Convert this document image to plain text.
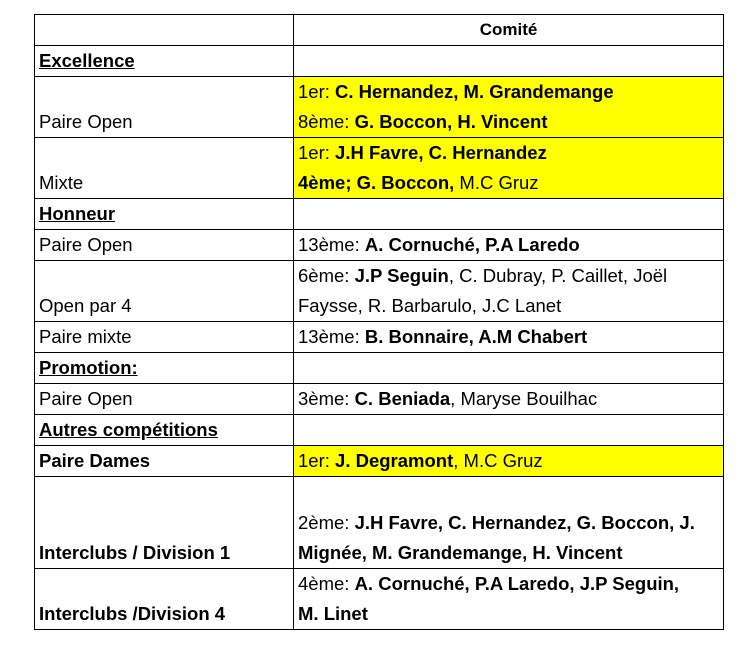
	Comité
Excellence	
Paire Open	1er: C. Hernandez, M. Grandemange
8ème: G. Boccon, H. Vincent

Mixte	1er: J.H Favre, C. Hernandez
4ème; G. Boccon, M.C Gruz

Honneur	
Paire Open	13ème: A. Cornuché, P.A Laredo
Open par 4	6ème: J.P Seguin, C. Dubray, P. Caillet, Joël
Faysse, R. Barbarulo, J.C Lanet

Paire mixte	13ème: B. Bonnaire, A.M Chabert
Promotion:	
Paire Open	3ème: C. Beniada, Maryse Bouilhac
Autres compétitions	
Paire Dames	1er: J. Degramont, M.C Gruz
Interclubs / Division 1	2ème: J.H Favre, C. Hernandez, G. Boccon, J.
Mignée, M. Grandemange, H. Vincent

Interclubs /Division 4	4ème: A. Cornuché, P.A Laredo, J.P Seguin,
M. Linet
